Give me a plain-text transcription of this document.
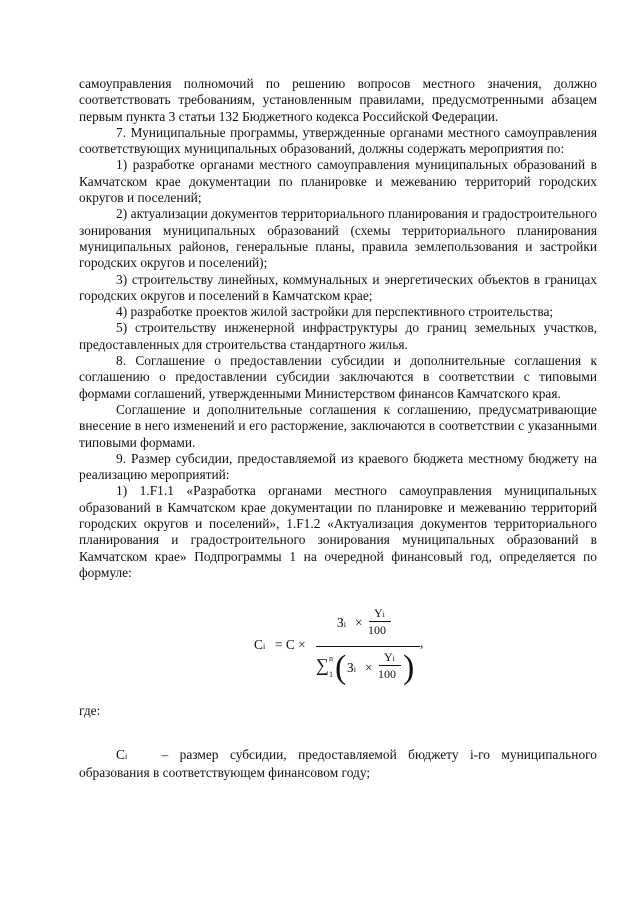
самоуправления полномочий по решению вопросов местного значения, должно соответствовать требованиям, установленным правилами, предусмотренными абзацем первым пункта 3 статьи 132 Бюджетного кодекса Российской Федерации.

7. Муниципальные программы, утвержденные органами местного самоуправления соответствующих муниципальных образований, должны содержать мероприятия по:

1) разработке органами местного самоуправления муниципальных образований в Камчатском крае документации по планировке и межеванию территорий городских округов и поселений;

2) актуализации документов территориального планирования и градостроительного зонирования муниципальных образований (схемы территориального планирования муниципальных районов, генеральные планы, правила землепользования и застройки городских округов и поселений);

3) строительству линейных, коммунальных и энергетических объектов в границах городских округов и поселений в Камчатском крае;

4) разработке проектов жилой застройки для перспективного строительства;

5) строительству инженерной инфраструктуры до границ земельных участков, предоставленных для строительства стандартного жилья.

8. Соглашение о предоставлении субсидии и дополнительные соглашения к соглашению о предоставлении субсидии заключаются в соответствии с типовыми формами соглашений, утвержденными Министерством финансов Камчатского края.

Соглашение и дополнительные соглашения к соглашению, предусматривающие внесение в него изменений и его расторжение, заключаются в соответствии с указанными типовыми формами.

9. Размер субсидии, предоставляемой из краевого бюджета местному бюджету на реализацию мероприятий:

1) 1.F1.1 «Разработка органами местного самоуправления муниципальных образований в Камчатском крае документации по планировке и межеванию территорий городских округов и поселений», 1.F1.2 «Актуализация документов территориального планирования и градостроительного зонирования муниципальных образований в Камчатском крае» Подпрограммы 1 на очередной финансовый год, определяется по формуле:

Ci = C ×
Зi ×
Yi
100
∑ n
1 ( Зi ×
Yi
100 )
,

где:

Ci	– размер субсидии, предоставляемой бюджету i-го муниципального образования в соответствующем финансовом году;
